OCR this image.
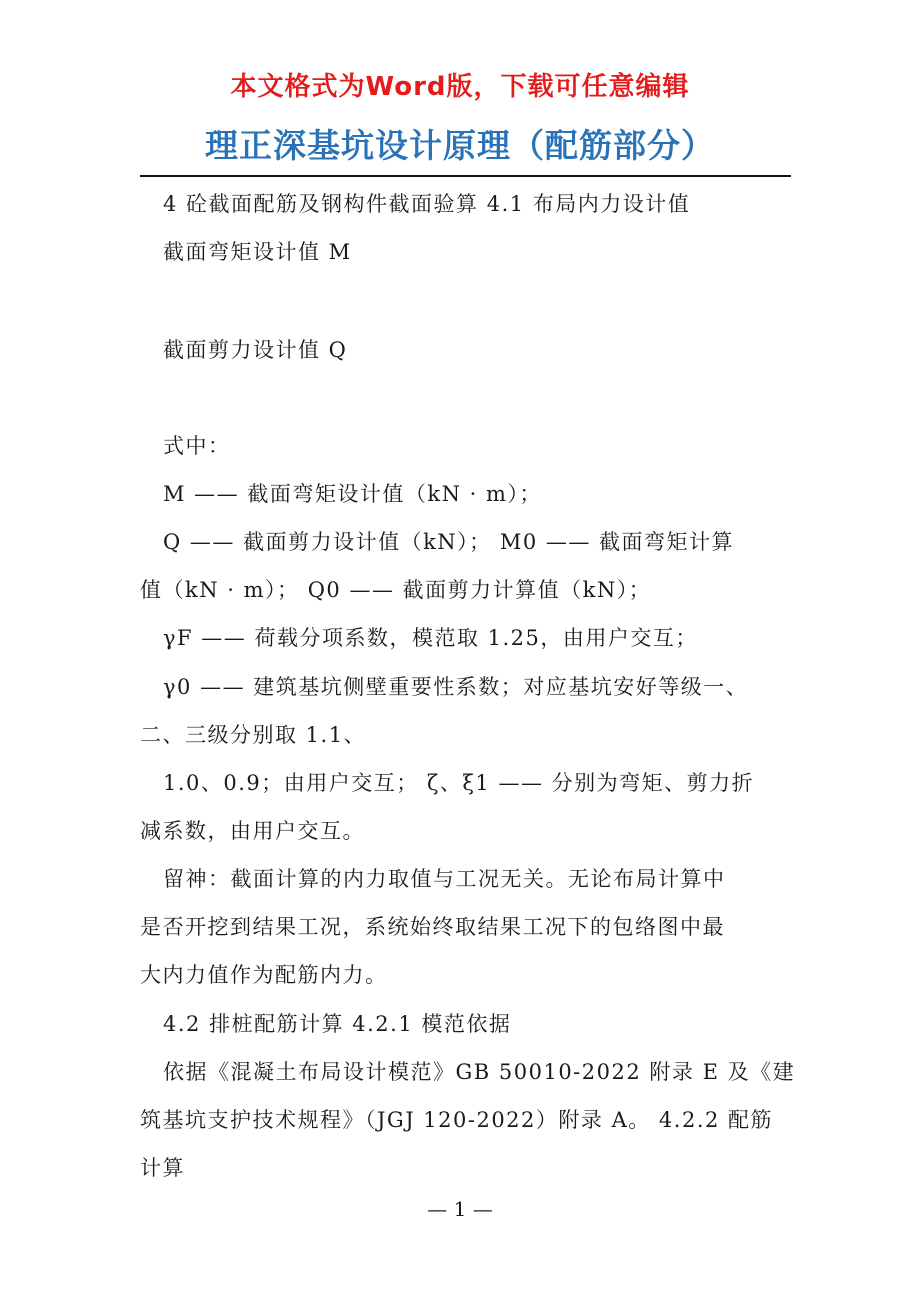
本文格式为Word版，下载可任意编辑
理正深基坑设计原理（配筋部分）
4 砼截面配筋及钢构件截面验算 4.1 布局内力设计值
截面弯矩设计值 M
截面剪力设计值 Q
式中：
M —— 截面弯矩设计值（kN · m）；
Q —— 截面剪力设计值（kN）； M0 —— 截面弯矩计算
值（kN · m）； Q0 —— 截面剪力计算值（kN）；
γF —— 荷载分项系数，模范取 1.25，由用户交互；
γ0 —— 建筑基坑侧壁重要性系数；对应基坑安好等级一、
二、三级分别取 1.1、
1.0、0.9；由用户交互； ζ、ξ1 —— 分别为弯矩、剪力折
减系数，由用户交互。
留神：截面计算的内力取值与工况无关。无论布局计算中
是否开挖到结果工况，系统始终取结果工况下的包络图中最
大内力值作为配筋内力。
4.2 排桩配筋计算 4.2.1 模范依据
依据《混凝土布局设计模范》GB 50010-2022 附录 E 及《建
筑基坑支护技术规程》（JGJ 120-2022）附录 A。 4.2.2 配筋
计算
— 1 —
